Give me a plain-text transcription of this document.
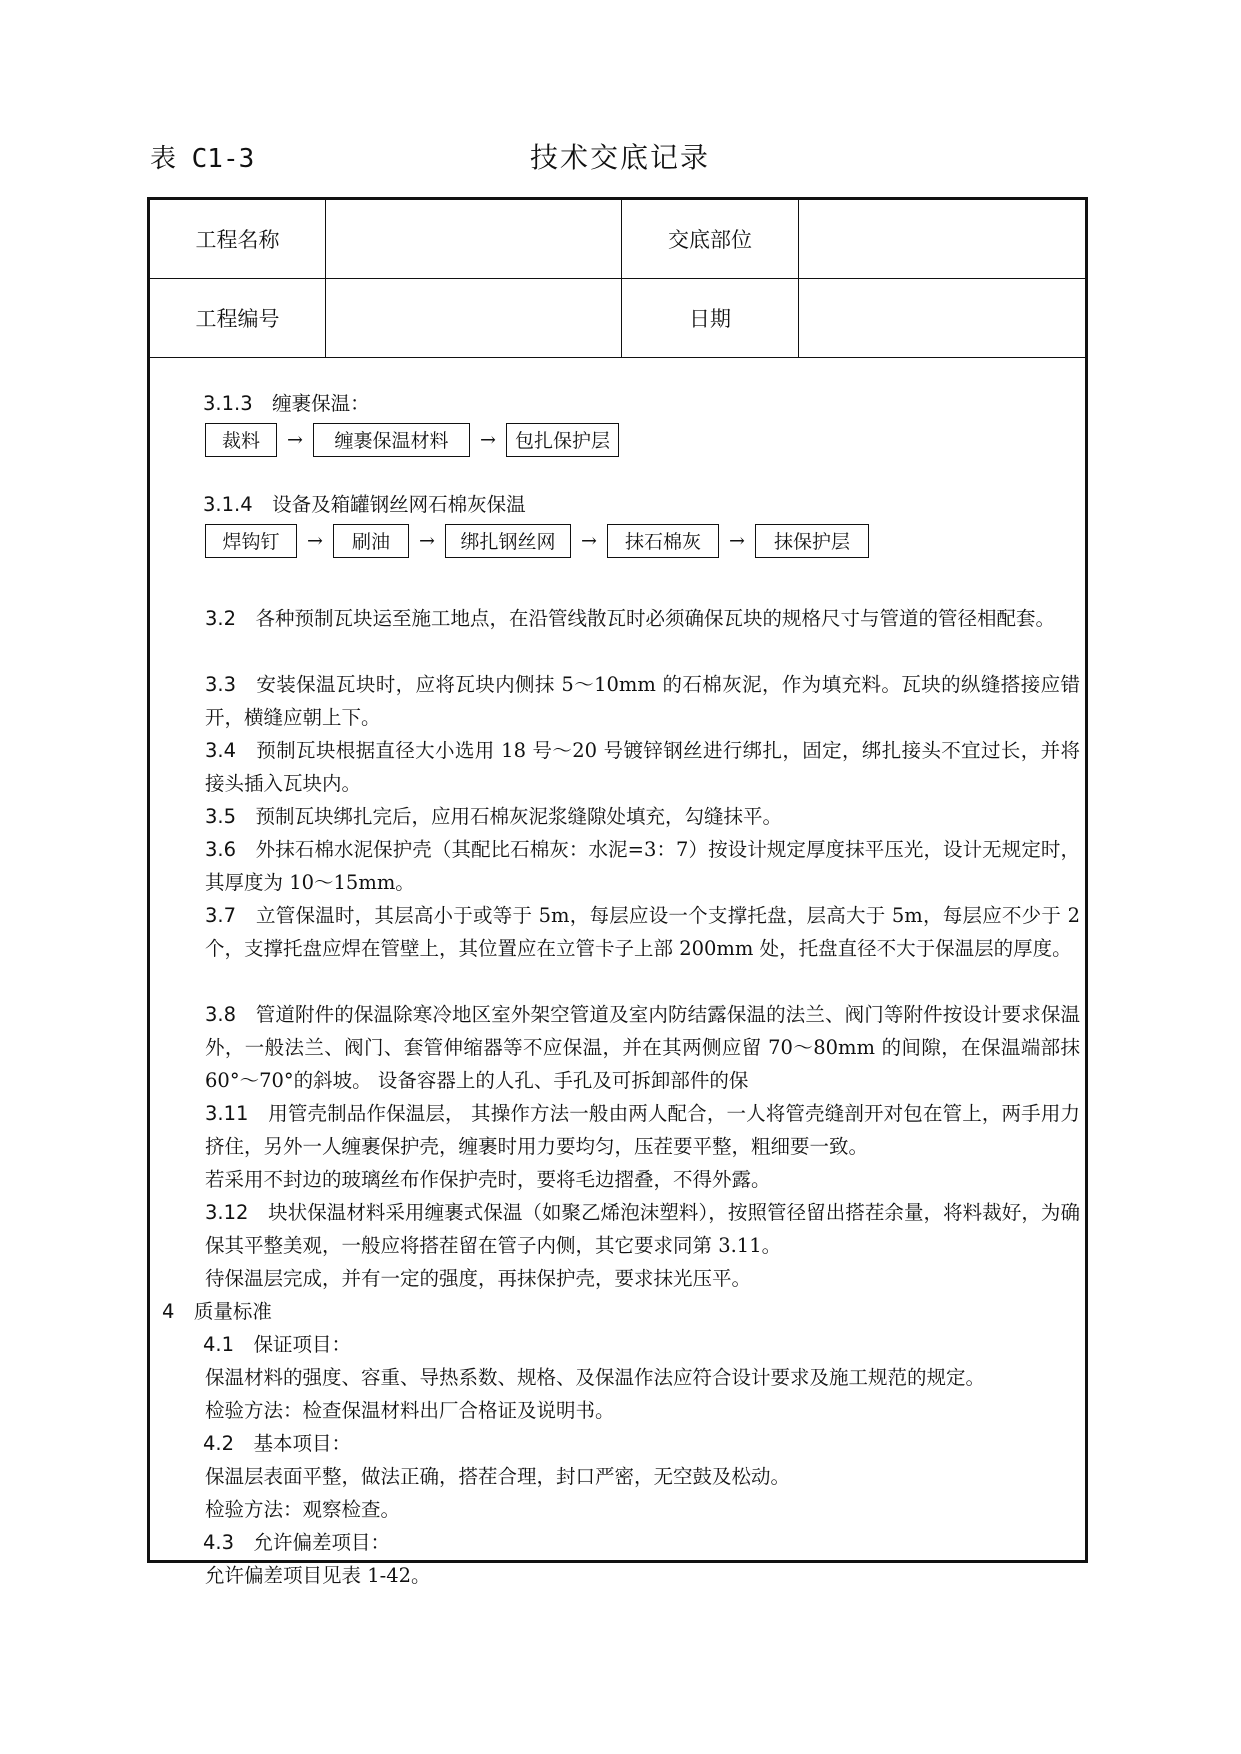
表 C1-3	技术交底记录
工程名称		交底部位	
工程编号		日期	
3.1.3　缠裹保温：
裁料	→	缠裹保温材料	→	包扎保护层
3.1.4　设备及箱罐钢丝网石棉灰保温
焊钩钉	→	刷油	→	绑扎钢丝网	→	抹石棉灰	→	抹保护层
3.2　 各种预制瓦块运至施工地点，在沿管线散瓦时必须确保瓦块的规格尺寸与管道的管径相配套。
3.3　 安装保温瓦块时，应将瓦块内侧抹 5～10mm 的石棉灰泥，作为填充料。瓦块的纵缝搭接应错开，横缝应朝上下。
3.4　 预制瓦块根据直径大小选用 18 号～20 号镀锌钢丝进行绑扎，固定，绑扎接头不宜过长，并将接头插入瓦块内。
3.5　 预制瓦块绑扎完后，应用石棉灰泥浆缝隙处填充，勾缝抹平。
3.6　 外抹石棉水泥保护壳（其配比石棉灰：水泥=3：7）按设计规定厚度抹平压光，设计无规定时，其厚度为 10～15mm。
3.7　 立管保温时，其层高小于或等于 5m，每层应设一个支撑托盘，层高大于 5m，每层应不少于 2 个，支撑托盘应焊在管壁上，其位置应在立管卡子上部 200mm 处，托盘直径不大于保温层的厚度。
3.8　 管道附件的保温除寒冷地区室外架空管道及室内防结露保温的法兰、阀门等附件按设计要求保温外，一般法兰、阀门、套管伸缩器等不应保温，并在其两侧应留 70～80mm 的间隙，在保温端部抹 60°～70°的斜坡。 设备容器上的人孔、手孔及可拆卸部件的保
3.11　 用管壳制品作保温层， 其操作方法一般由两人配合，一人将管壳缝剖开对包在管上，两手用力挤住，另外一人缠裹保护壳，缠裹时用力要均匀，压茬要平整，粗细要一致。
若采用不封边的玻璃丝布作保护壳时，要将毛边摺叠，不得外露。
3.12　 块状保温材料采用缠裹式保温（如聚乙烯泡沫塑料），按照管径留出搭茬余量，将料裁好，为确保其平整美观，一般应将搭茬留在管子内侧，其它要求同第 3.11。
待保温层完成，并有一定的强度，再抹保护壳，要求抹光压平。
4　质量标准
4.1　保证项目：
保温材料的强度、容重、导热系数、规格、及保温作法应符合设计要求及施工规范的规定。
检验方法：检查保温材料出厂合格证及说明书。
4.2　基本项目：
保温层表面平整，做法正确，搭茬合理，封口严密，无空鼓及松动。
检验方法：观察检查。
4.3　允许偏差项目：
允许偏差项目见表 1-42。
